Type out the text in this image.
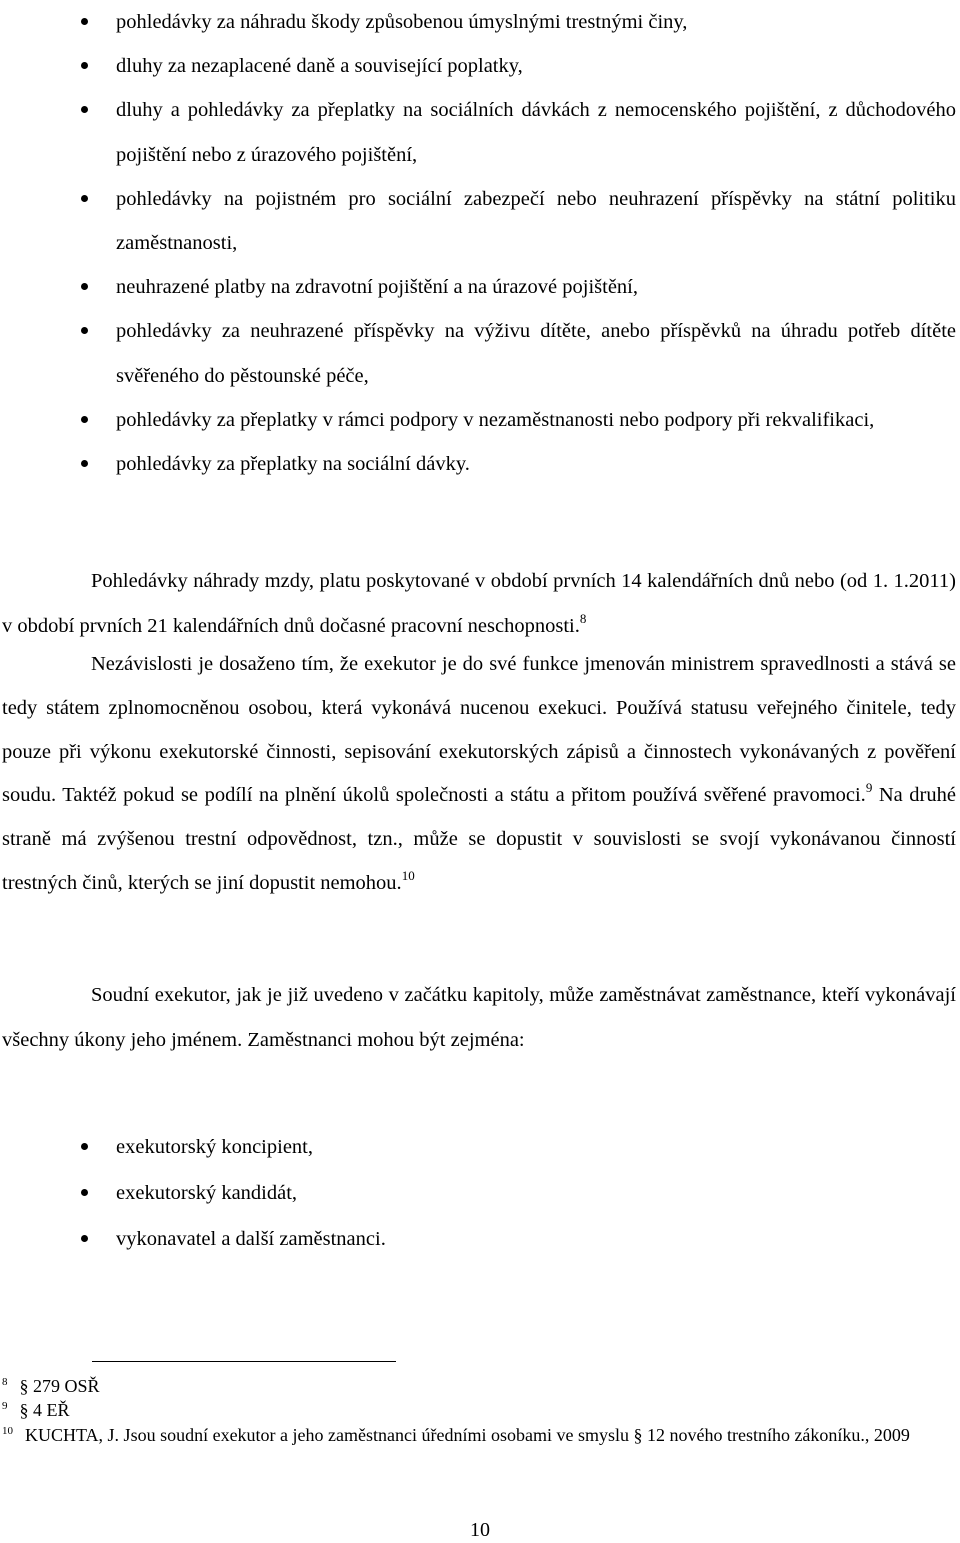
pohledávky za náhradu škody způsobenou úmyslnými trestnými činy,
dluhy za nezaplacené daně a související poplatky,
dluhy a pohledávky za přeplatky na sociálních dávkách z nemocenského pojištění, z důchodového pojištění nebo z úrazového pojištění,
pohledávky na pojistném pro sociální zabezpečí nebo neuhrazení příspěvky na státní politiku zaměstnanosti,
neuhrazené platby na zdravotní pojištění a na úrazové pojištění,
pohledávky za neuhrazené příspěvky na výživu dítěte, anebo příspěvků na úhradu potřeb dítěte svěřeného do pěstounské péče,
pohledávky za přeplatky v rámci podpory v nezaměstnanosti nebo podpory při rekvalifikaci,
pohledávky za přeplatky na sociální dávky.

Pohledávky náhrady mzdy, platu poskytované v období prvních 14 kalendářních dnů nebo (od 1. 1.2011) v období prvních 21 kalendářních dnů dočasné pracovní neschopnosti.$^8$

Nezávislosti je dosaženo tím, že exekutor je do své funkce jmenován ministrem spravedlnosti a stává se tedy státem zplnomocněnou osobou, která vykonává nucenou exekuci. Používá statusu veřejného činitele, tedy pouze při výkonu exekutorské činnosti, sepisování exekutorských zápisů a činnostech vykonávaných z pověření soudu. Taktéž pokud se podílí na plnění úkolů společnosti a státu a přitom používá svěřené pravomoci.$^9$ Na druhé straně má zvýšenou trestní odpovědnost, tzn., může se dopustit v souvislosti se svojí vykonávanou činností trestných činů, kterých se jiní dopustit nemohou.$^{10}$

Soudní exekutor, jak je již uvedeno v začátku kapitoly, může zaměstnávat zaměstnance, kteří vykonávají všechny úkony jeho jménem. Zaměstnanci mohou být zejména:

exekutorský koncipient,
exekutorský kandidát,
vykonavatel a další zaměstnanci.

$^8$ § 279 OSŘ

$^9$ § 4 EŘ

$^{10}$ KUCHTA, J. Jsou soudní exekutor a jeho zaměstnanci úředními osobami ve smyslu § 12 nového trestního zákoníku., 2009

10
